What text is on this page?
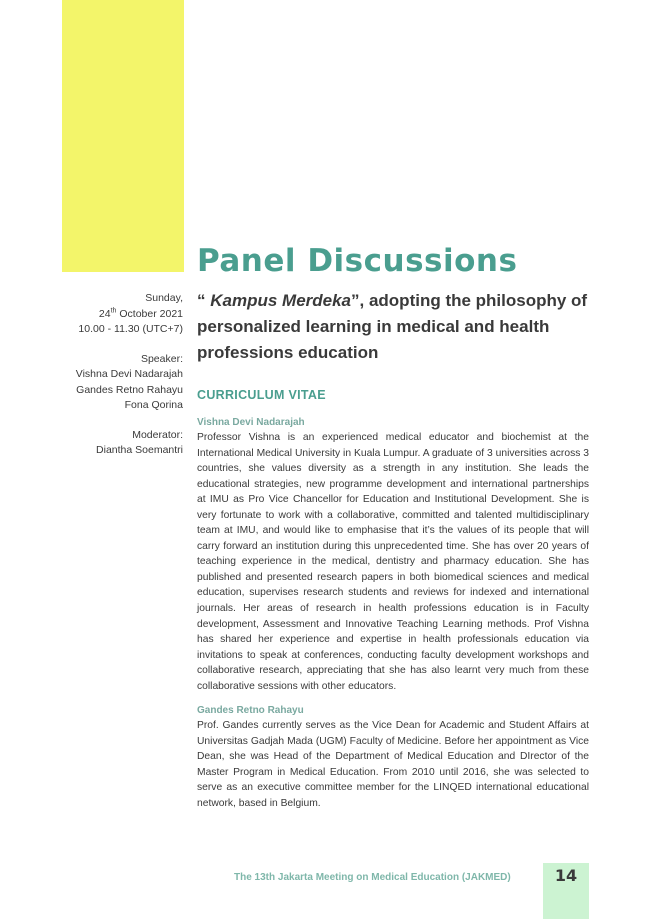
Panel Discussions

“ Kampus Merdeka”, adopting the philosophy of personalized learning in medical and health professions education

Sunday,
24th October 2021
10.00 - 11.30 (UTC+7)
Speaker:
Vishna Devi Nadarajah
Gandes Retno Rahayu
Fona Qorina
Moderator:
Diantha Soemantri
CURRICULUM VITAE

Vishna Devi Nadarajah

Professor Vishna is an experienced medical educator and biochemist at the International Medical University in Kuala Lumpur. A graduate of 3 universities across 3 countries, she values diversity as a strength in any institution. She leads the educational strategies, new programme development and international partnerships at IMU as Pro Vice Chancellor for Education and Institutional Development. She is very fortunate to work with a collaborative, committed and talented multidisciplinary team at IMU, and would like to emphasise that it’s the values of its people that will carry forward an institution during this unprecedented time. She has over 20 years of teaching experience in the medical, dentistry and pharmacy education. She has published and presented research papers in both biomedical sciences and medical education, supervises research students and reviews for indexed and international journals. Her areas of research in health professions education is in Faculty development, Assessment and Innovative Teaching Learning methods. Prof Vishna has shared her experience and expertise in health professionals education via invitations to speak at conferences, conducting faculty development workshops and collaborative research, appreciating that she has also learnt very much from these collaborative sessions with other educators.

Gandes Retno Rahayu

Prof. Gandes currently serves as the Vice Dean for Academic and Student Affairs at Universitas Gadjah Mada (UGM) Faculty of Medicine. Before her appointment as Vice Dean, she was Head of the Department of Medical Education and DIrector of the Master Program in Medical Education. From 2010 until 2016, she was selected to serve as an executive committee member for the LINQED international educational network, based in Belgium.

The 13th Jakarta Meeting on Medical Education (JAKMED)	14
